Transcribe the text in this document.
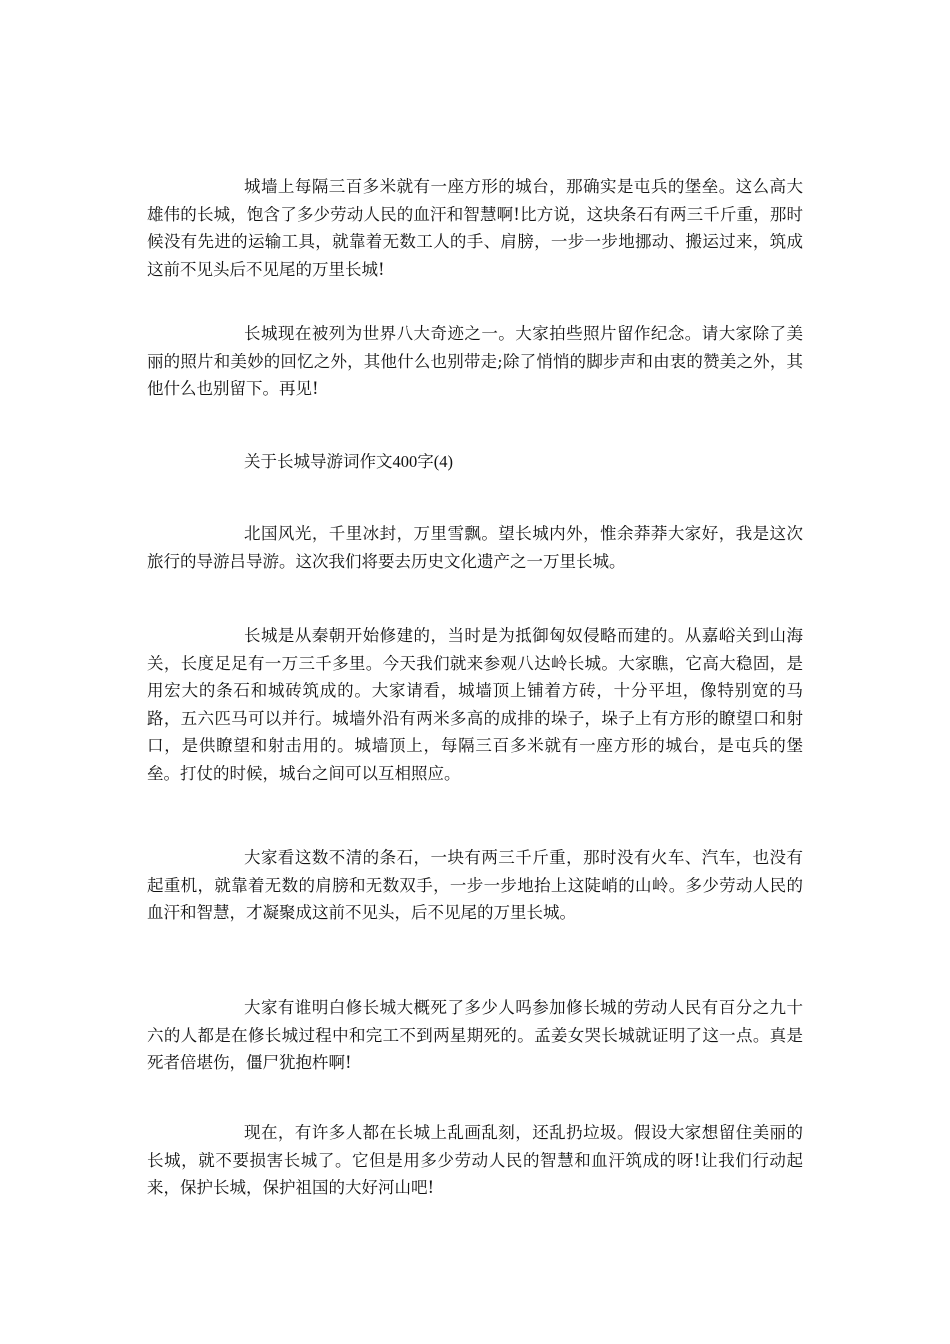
城墙上每隔三百多米就有一座方形的城台，那确实是屯兵的堡垒。这么高大雄伟的长城，饱含了多少劳动人民的血汗和智慧啊!比方说，这块条石有两三千斤重，那时候没有先进的运输工具，就靠着无数工人的手、肩膀，一步一步地挪动、搬运过来，筑成这前不见头后不见尾的万里长城!

长城现在被列为世界八大奇迹之一。大家拍些照片留作纪念。请大家除了美丽的照片和美妙的回忆之外，其他什么也别带走;除了悄悄的脚步声和由衷的赞美之外，其他什么也别留下。再见!

关于长城导游词作文400字(4)

北国风光，千里冰封，万里雪飘。望长城内外，惟余莽莽大家好，我是这次旅行的导游吕导游。这次我们将要去历史文化遗产之一万里长城。

长城是从秦朝开始修建的，当时是为抵御匈奴侵略而建的。从嘉峪关到山海关，长度足足有一万三千多里。今天我们就来参观八达岭长城。大家瞧，它高大稳固，是用宏大的条石和城砖筑成的。大家请看，城墙顶上铺着方砖，十分平坦，像特别宽的马路，五六匹马可以并行。城墙外沿有两米多高的成排的垛子，垛子上有方形的瞭望口和射口，是供瞭望和射击用的。城墙顶上，每隔三百多米就有一座方形的城台，是屯兵的堡垒。打仗的时候，城台之间可以互相照应。

大家看这数不清的条石，一块有两三千斤重，那时没有火车、汽车，也没有起重机，就靠着无数的肩膀和无数双手，一步一步地抬上这陡峭的山岭。多少劳动人民的血汗和智慧，才凝聚成这前不见头，后不见尾的万里长城。

大家有谁明白修长城大概死了多少人吗参加修长城的劳动人民有百分之九十六的人都是在修长城过程中和完工不到两星期死的。孟姜女哭长城就证明了这一点。真是死者倍堪伤，僵尸犹抱杵啊!

现在，有许多人都在长城上乱画乱刻，还乱扔垃圾。假设大家想留住美丽的长城，就不要损害长城了。它但是用多少劳动人民的智慧和血汗筑成的呀!让我们行动起来，保护长城，保护祖国的大好河山吧!
